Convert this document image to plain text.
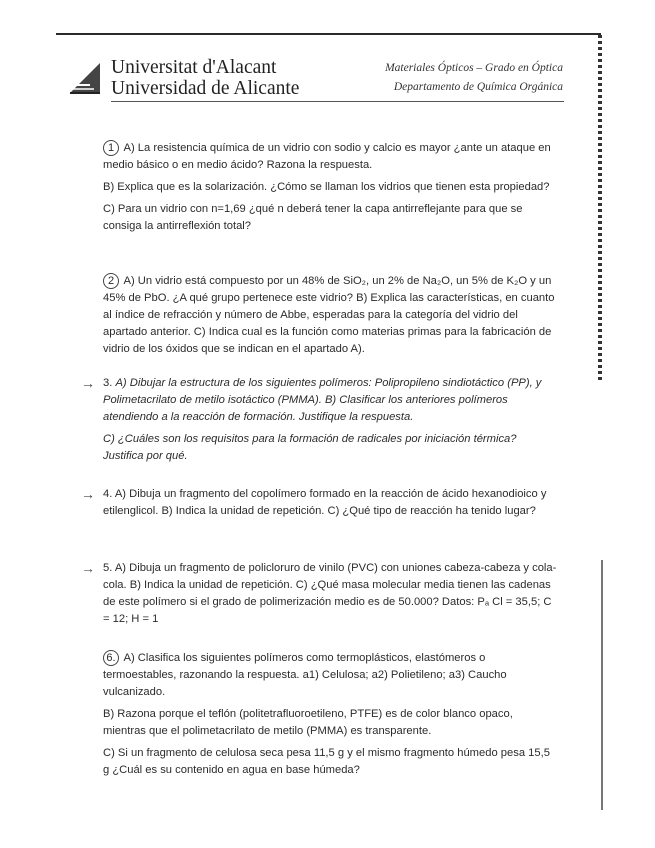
Universitat d'Alacant
Universidad de Alicante
Materiales Ópticos – Grado en Óptica
Departamento de Química Orgánica

1 A) La resistencia química de un vidrio con sodio y calcio es mayor ¿ante un ataque en medio básico o en medio ácido? Razona la respuesta.

B) Explica que es la solarización. ¿Cómo se llaman los vidrios que tienen esta propiedad?

C) Para un vidrio con n=1,69 ¿qué n deberá tener la capa antirreflejante para que se consiga la antirreflexión total?

2 A) Un vidrio está compuesto por un 48% de SiO₂, un 2% de Na₂O, un 5% de K₂O y un 45% de PbO. ¿A qué grupo pertenece este vidrio? B) Explica las características, en cuanto al índice de refracción y número de Abbe, esperadas para la categoría del vidrio del apartado anterior. C) Indica cual es la función como materias primas para la fabricación de vidrio de los óxidos que se indican en el apartado A).

→ 3. A) Dibujar la estructura de los siguientes polímeros: Polipropileno sindiotáctico (PP), y Polimetacrilato de metilo isotáctico (PMMA). B) Clasificar los anteriores polímeros atendiendo a la reacción de formación. Justifique la respuesta.

C) ¿Cuáles son los requisitos para la formación de radicales por iniciación térmica? Justifica por qué.

→ 4. A) Dibuja un fragmento del copolímero formado en la reacción de ácido hexanodioico y etilenglicol. B) Indica la unidad de repetición. C) ¿Qué tipo de reacción ha tenido lugar?

→ 5. A) Dibuja un fragmento de policloruro de vinilo (PVC) con uniones cabeza-cabeza y cola-cola. B) Indica la unidad de repetición. C) ¿Qué masa molecular media tienen las cadenas de este polímero si el grado de polimerización medio es de 50.000? Datos: Pₐ Cl = 35,5; C = 12; H = 1

6. A) Clasifica los siguientes polímeros como termoplásticos, elastómeros o termoestables, razonando la respuesta. a1) Celulosa; a2) Polietileno; a3) Caucho vulcanizado.

B) Razona porque el teflón (politetrafluoroetileno, PTFE) es de color blanco opaco, mientras que el polimetacrilato de metilo (PMMA) es transparente.

C) Si un fragmento de celulosa seca pesa 11,5 g y el mismo fragmento húmedo pesa 15,5 g ¿Cuál es su contenido en agua en base húmeda?
